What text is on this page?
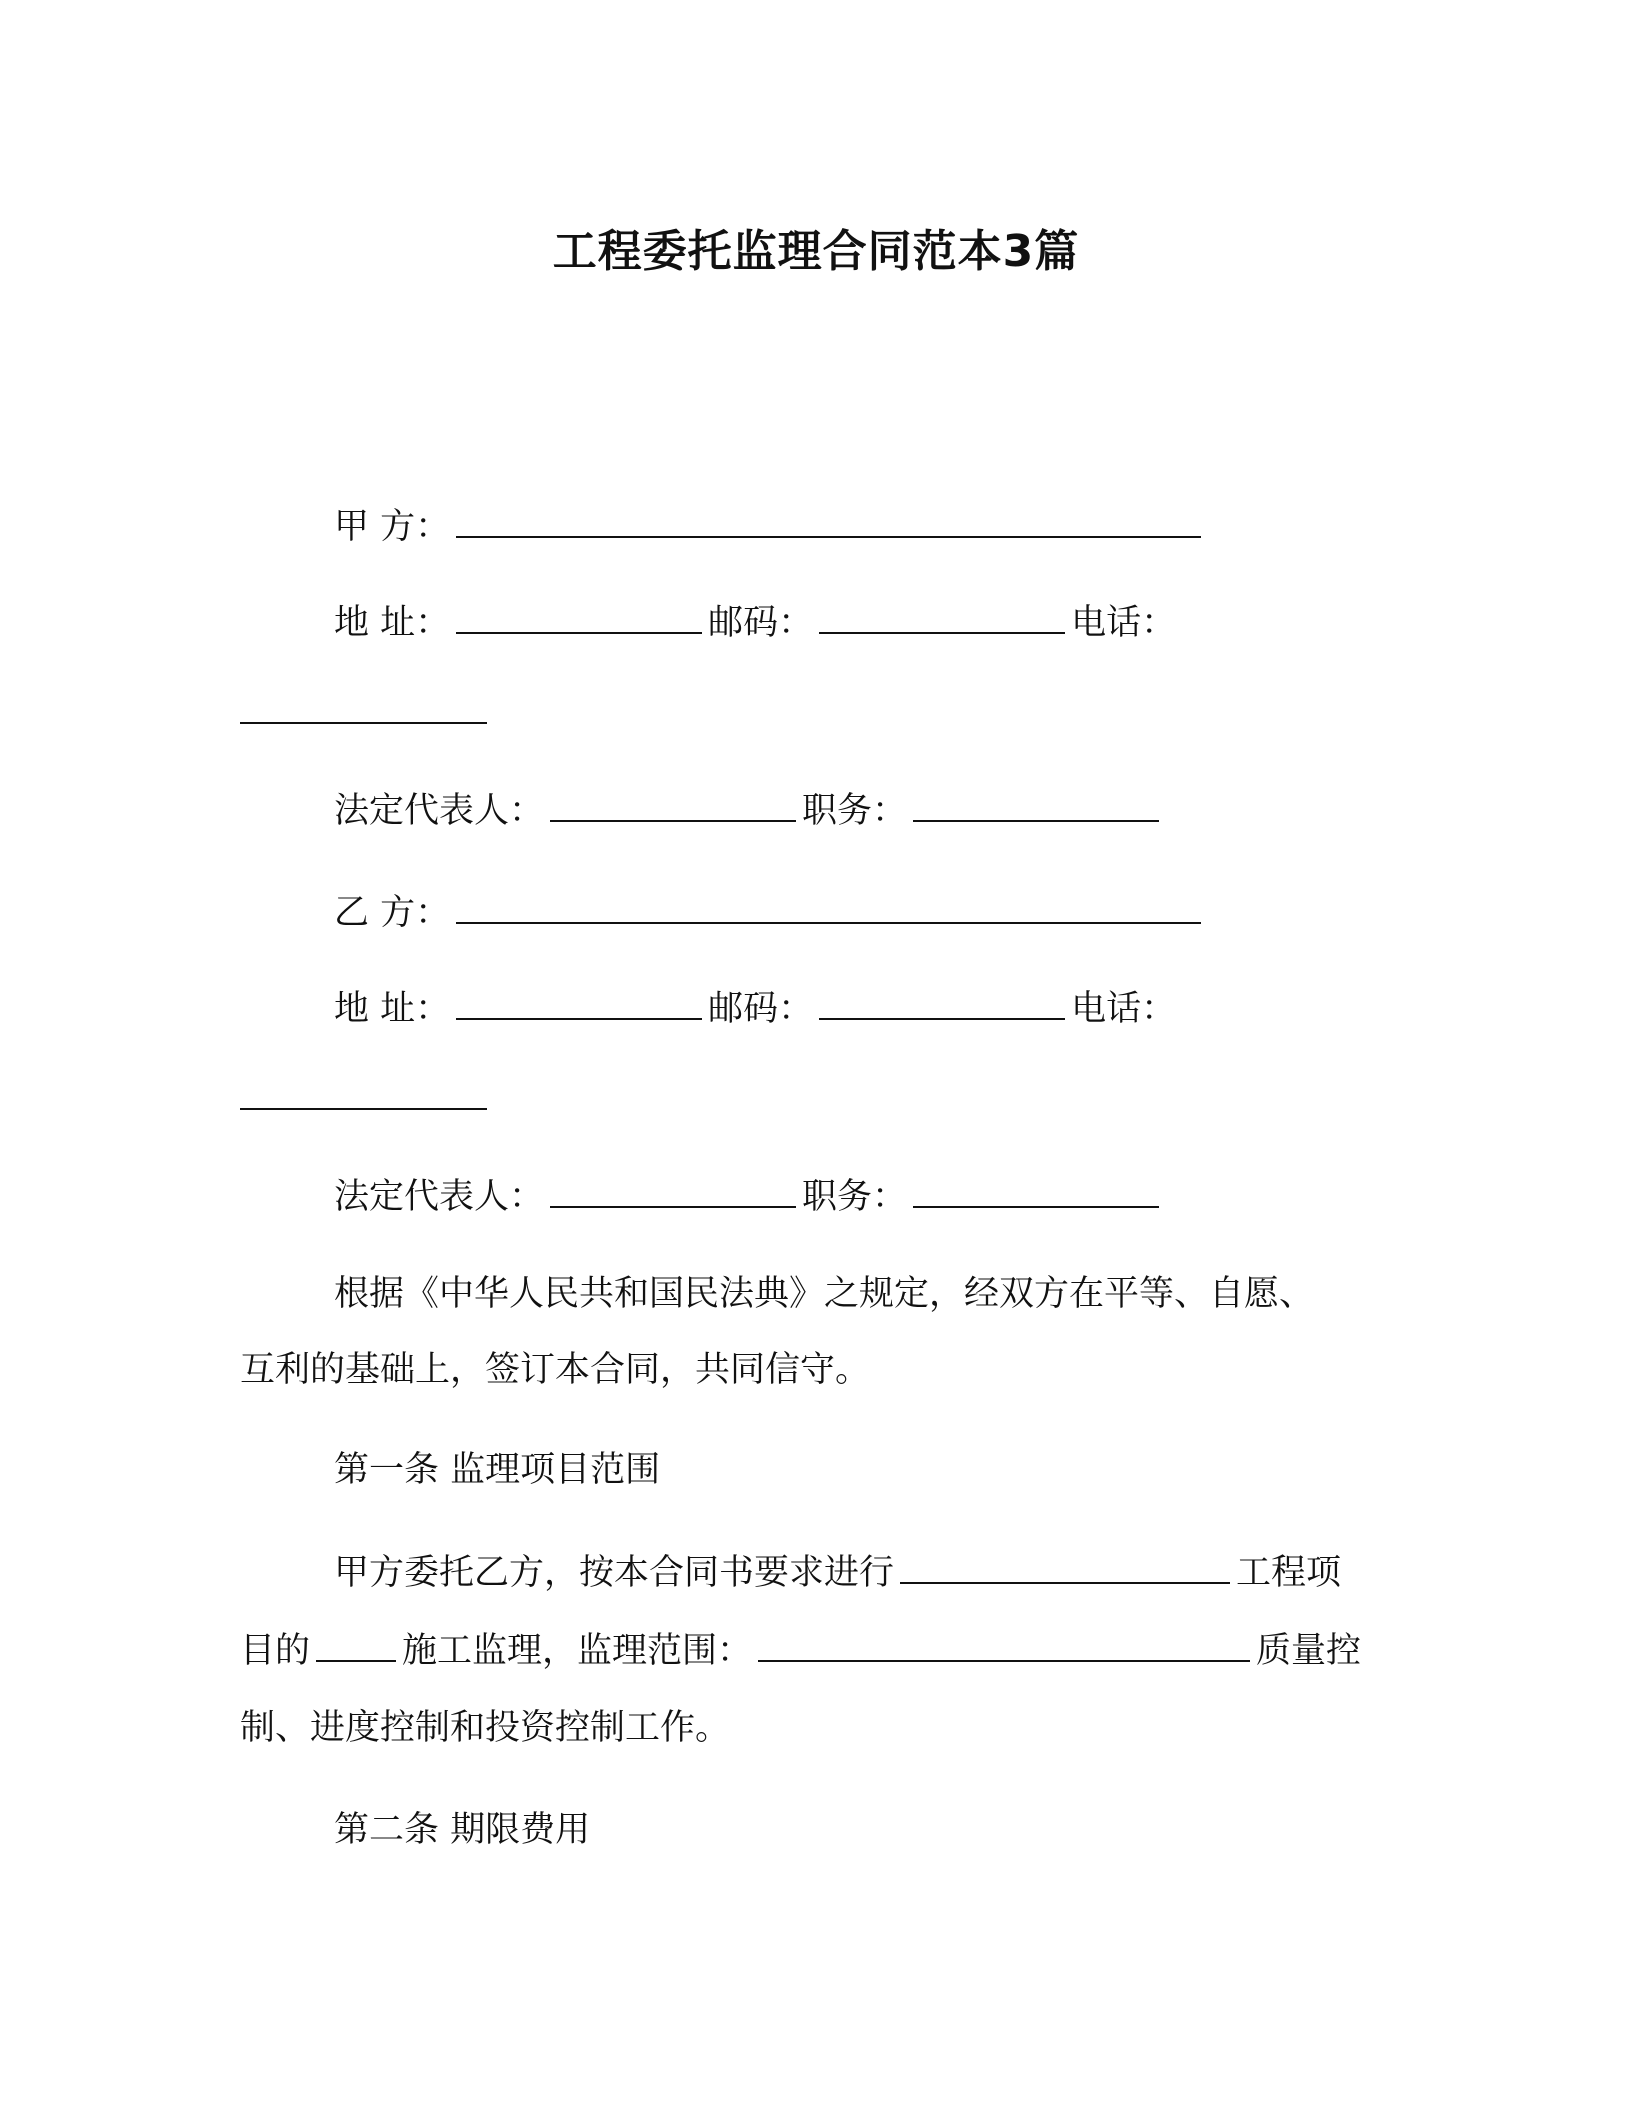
工程委托监理合同范本3篇
甲 方：
地 址：	邮码：	电话：
法定代表人：	职务：
乙 方：
地 址：	邮码：	电话：
法定代表人：	职务：
根据《中华人民共和国民法典》之规定，经双方在平等、自愿、
互利的基础上，签订本合同，共同信守。
第一条 监理项目范围
甲方委托乙方，按本合同书要求进行	工程项
目的	施工监理，监理范围：	质量控
制、进度控制和投资控制工作。
第二条 期限费用
